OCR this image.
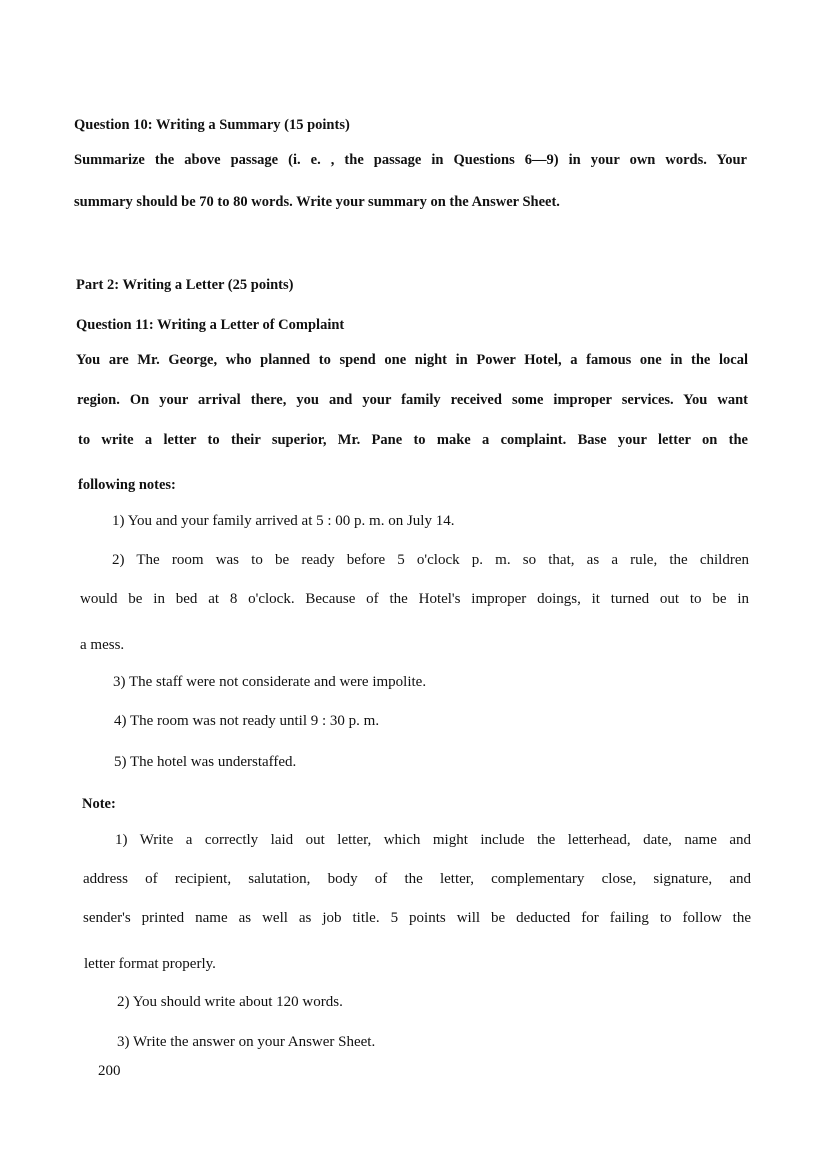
Question 10: Writing a Summary (15 points)
Summarize the above passage (i. e. , the passage in Questions 6—9) in your own words. Your
summary should be 70 to 80 words. Write your summary on the Answer Sheet.
Part 2: Writing a Letter (25 points)
Question 11: Writing a Letter of Complaint
You are Mr. George, who planned to spend one night in Power Hotel, a famous one in the local
region. On your arrival there, you and your family received some improper services. You want
to write a letter to their superior, Mr. Pane to make a complaint. Base your letter on the
following notes:
1) You and your family arrived at 5 : 00 p. m. on July 14.
2) The room was to be ready before 5 o'clock p. m. so that, as a rule, the children
would be in bed at 8 o'clock. Because of the Hotel's improper doings, it turned out to be in
a mess.
3) The staff were not considerate and were impolite.
4) The room was not ready until 9 : 30 p. m.
5) The hotel was understaffed.
Note:
1) Write a correctly laid out letter, which might include the letterhead, date, name and
address of recipient, salutation, body of the letter, complementary close, signature, and
sender's printed name as well as job title. 5 points will be deducted for failing to follow the
letter format properly.
2) You should write about 120 words.
3) Write the answer on your Answer Sheet.
200
